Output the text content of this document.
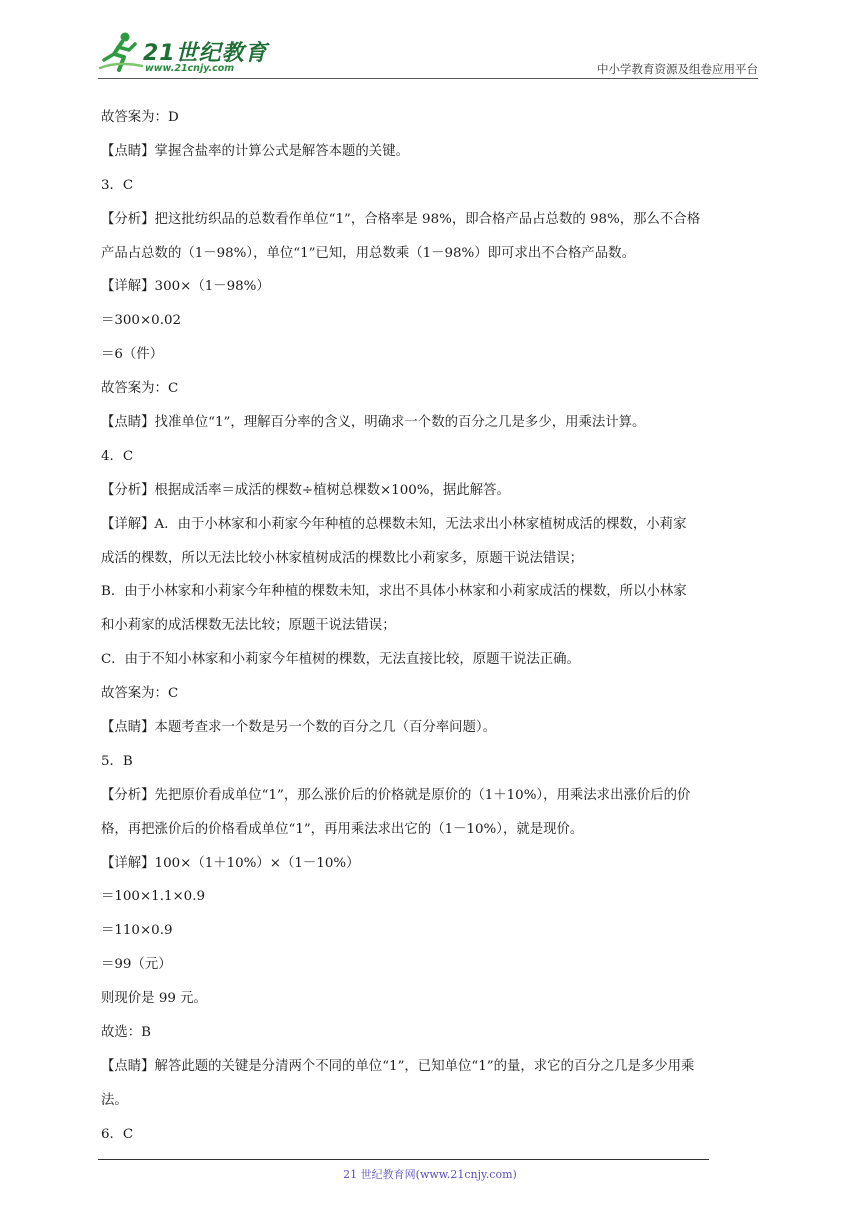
21世纪教育
www.21cnjy.com	中小学教育资源及组卷应用平台
故答案为：D
【点睛】掌握含盐率的计算公式是解答本题的关键。
3．C
【分析】把这批纺织品的总数看作单位“1”，合格率是 98%，即合格产品占总数的 98%，那么不合格
产品占总数的（1－98%），单位“1”已知，用总数乘（1－98%）即可求出不合格产品数。
【详解】300×（1－98%）
＝300×0.02
＝6（件）
故答案为：C
【点睛】找准单位“1”，理解百分率的含义，明确求一个数的百分之几是多少，用乘法计算。
4．C
【分析】根据成活率＝成活的棵数÷植树总棵数×100%，据此解答。
【详解】A．由于小林家和小莉家今年种植的总棵数未知，无法求出小林家植树成活的棵数，小莉家
成活的棵数，所以无法比较小林家植树成活的棵数比小莉家多，原题干说法错误；
B．由于小林家和小莉家今年种植的棵数未知，求出不具体小林家和小莉家成活的棵数，所以小林家
和小莉家的成活棵数无法比较；原题干说法错误；
C．由于不知小林家和小莉家今年植树的棵数，无法直接比较，原题干说法正确。
故答案为：C
【点睛】本题考查求一个数是另一个数的百分之几（百分率问题）。
5．B
【分析】先把原价看成单位“1”，那么涨价后的价格就是原价的（1＋10%），用乘法求出涨价后的价
格，再把涨价后的价格看成单位“1”，再用乘法求出它的（1－10%），就是现价。
【详解】100×（1＋10%）×（1－10%）
＝100×1.1×0.9
＝110×0.9
＝99（元）
则现价是 99 元。
故选：B
【点睛】解答此题的关键是分清两个不同的单位“1”，已知单位“1”的量，求它的百分之几是多少用乘
法。
6．C
21 世纪教育网(www.21cnjy.com)
